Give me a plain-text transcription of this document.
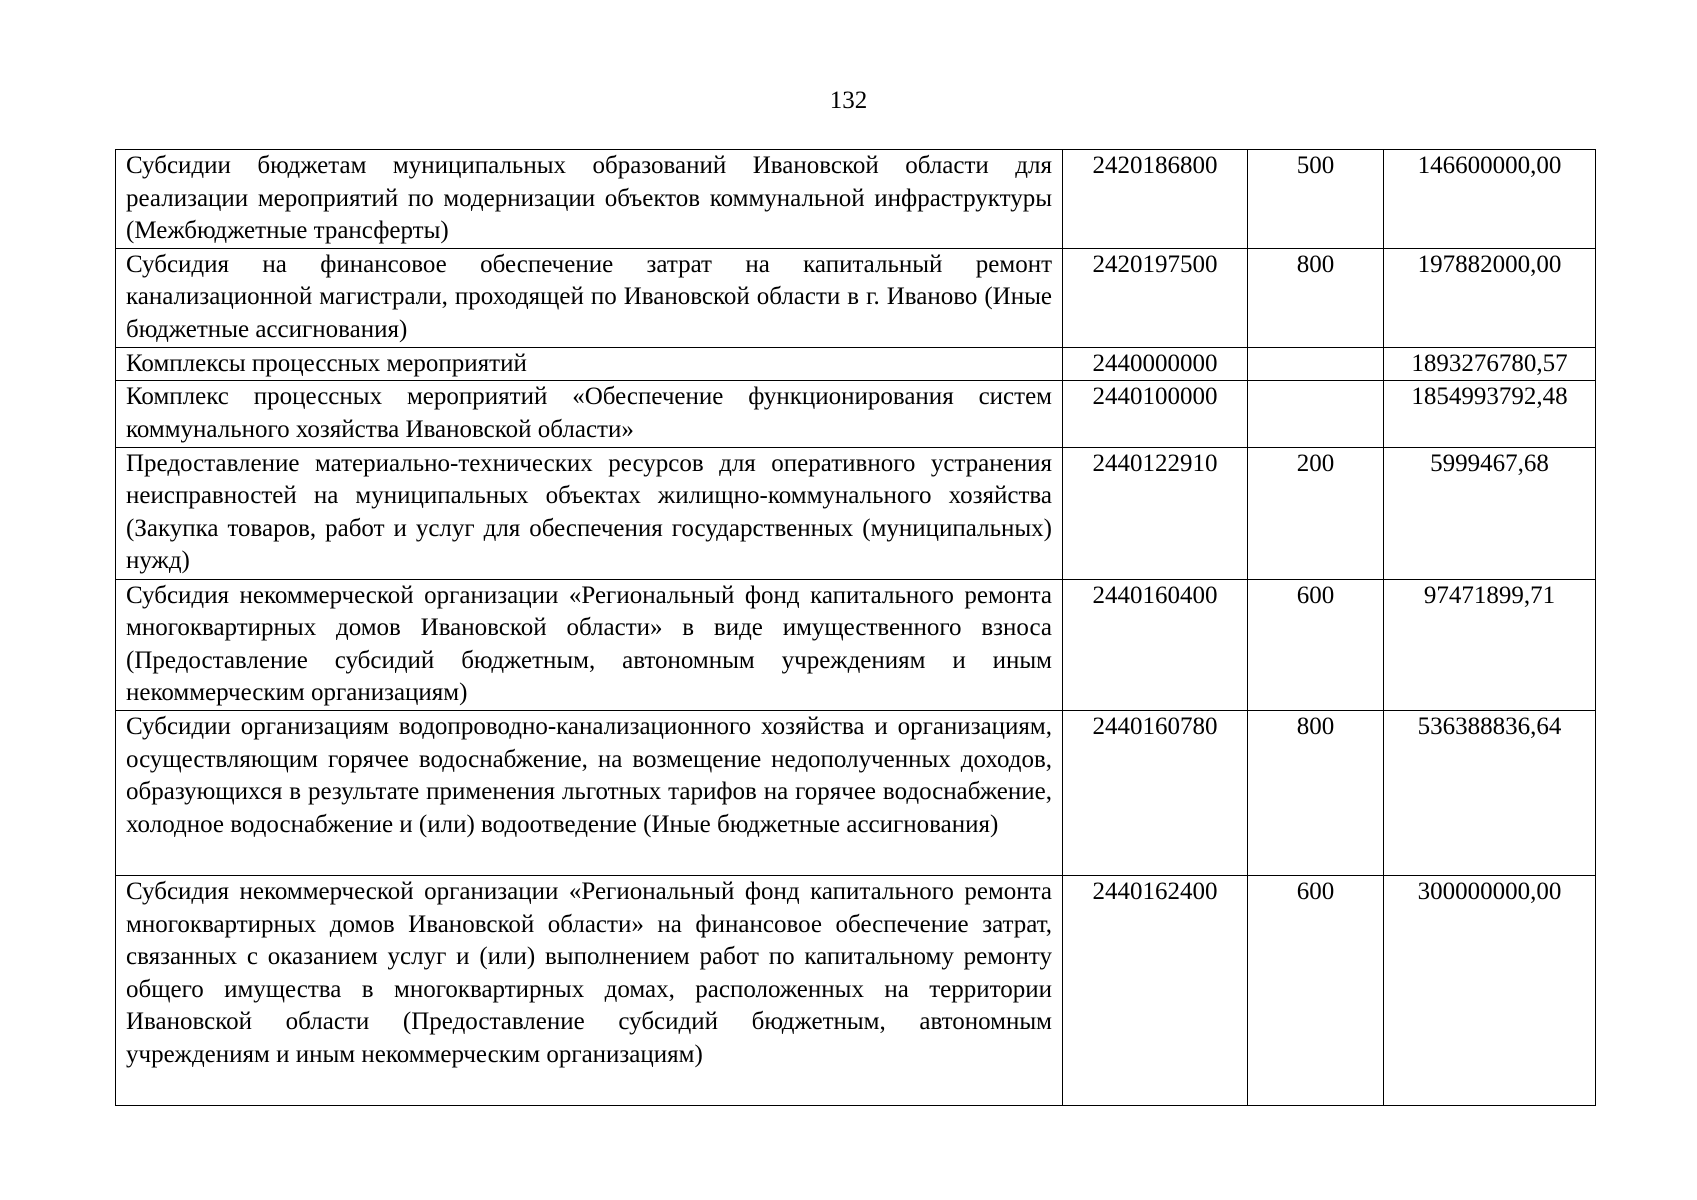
132
Субсидии бюджетам муниципальных образований Ивановской области для реализации мероприятий по модернизации объектов коммунальной инфраструктуры (Межбюджетные трансферты)	2420186800	500	146600000,00
Субсидия на финансовое обеспечение затрат на капитальный ремонт канализационной магистрали, проходящей по Ивановской области в г. Иваново (Иные бюджетные ассигнования)	2420197500	800	197882000,00
Комплексы процессных мероприятий	2440000000		1893276780,57
Комплекс процессных мероприятий «Обеспечение функционирования систем коммунального хозяйства Ивановской области»	2440100000		1854993792,48
Предоставление материально-технических ресурсов для оперативного устранения неисправностей на муниципальных объектах жилищно-коммунального хозяйства (Закупка товаров, работ и услуг для обеспечения государственных (муниципальных) нужд)	2440122910	200	5999467,68
Субсидия некоммерческой организации «Региональный фонд капитального ремонта многоквартирных домов Ивановской области» в виде имущественного взноса (Предоставление субсидий бюджетным, автономным учреждениям и иным некоммерческим организациям)	2440160400	600	97471899,71
Субсидии организациям водопроводно-канализационного хозяйства и организациям, осуществляющим горячее водоснабжение, на возмещение недополученных доходов, образующихся в результате применения льготных тарифов на горячее водоснабжение, холодное водоснабжение и (или) водоотведение (Иные бюджетные ассигнования)	2440160780	800	536388836,64
Субсидия некоммерческой организации «Региональный фонд капитального ремонта многоквартирных домов Ивановской области» на финансовое обеспечение затрат, связанных с оказанием услуг и (или) выполнением работ по капитальному ремонту общего имущества в многоквартирных домах, расположенных на территории Ивановской области (Предоставление субсидий бюджетным, автономным учреждениям и иным некоммерческим организациям)	2440162400	600	300000000,00
